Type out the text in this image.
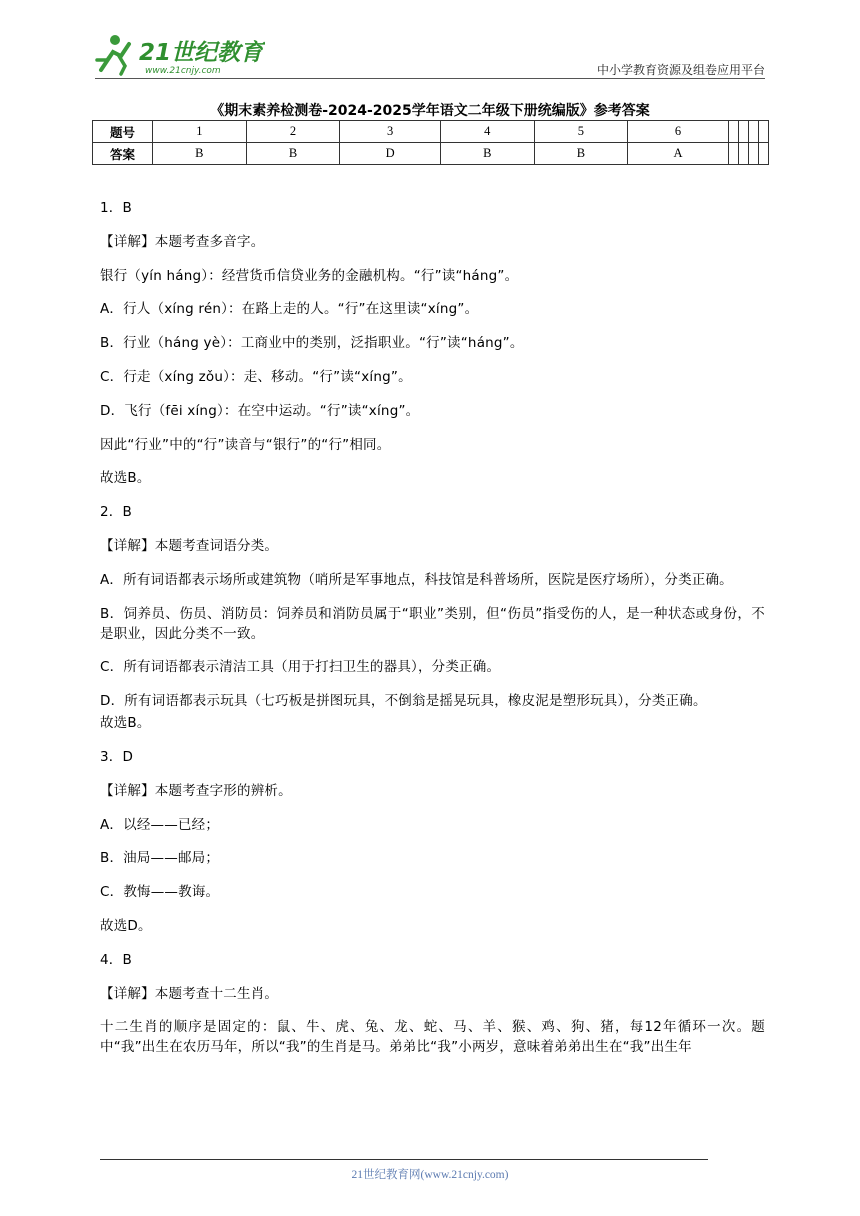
21世纪教育
www.21cnjy.com	中小学教育资源及组卷应用平台
《期末素养检测卷-2024-2025学年语文二年级下册统编版》参考答案
题号	1	2	3	4	5	6				
答案	B	B	D	B	B	A				

1．B

【详解】本题考查多音字。

银行（yín háng）：经营货币信贷业务的金融机构。“行”读“háng”。

A．行人（xíng rén）：在路上走的人。“行”在这里读“xíng”。

B．行业（háng yè）：工商业中的类别，泛指职业。“行”读“háng”。

C．行走（xíng zǒu）：走、移动。“行”读“xíng”。

D．飞行（fēi xíng）：在空中运动。“行”读“xíng”。

因此“行业”中的“行”读音与“银行”的“行”相同。

故选B。

2．B

【详解】本题考查词语分类。

A．所有词语都表示场所或建筑物（哨所是军事地点，科技馆是科普场所，医院是医疗场所），分类正确。

B．饲养员、伤员、消防员：饲养员和消防员属于“职业”类别，但“伤员”指受伤的人，是一种状态或身份，不是职业，因此分类不一致。

C．所有词语都表示清洁工具（用于打扫卫生的器具），分类正确。

D．所有词语都表示玩具（七巧板是拼图玩具，不倒翁是摇晃玩具，橡皮泥是塑形玩具），分类正确。

故选B。

3．D

【详解】本题考查字形的辨析。

A．以经——已经；

B．油局——邮局；

C．教悔——教诲。

故选D。

4．B

【详解】本题考查十二生肖。

十二生肖的顺序是固定的：鼠、牛、虎、兔、龙、蛇、马、羊、猴、鸡、狗、猪，每12年循环一次。题中“我”出生在农历马年，所以“我”的生肖是马。弟弟比“我”小两岁，意味着弟弟出生在“我”出生年

21世纪教育网(www.21cnjy.com)
